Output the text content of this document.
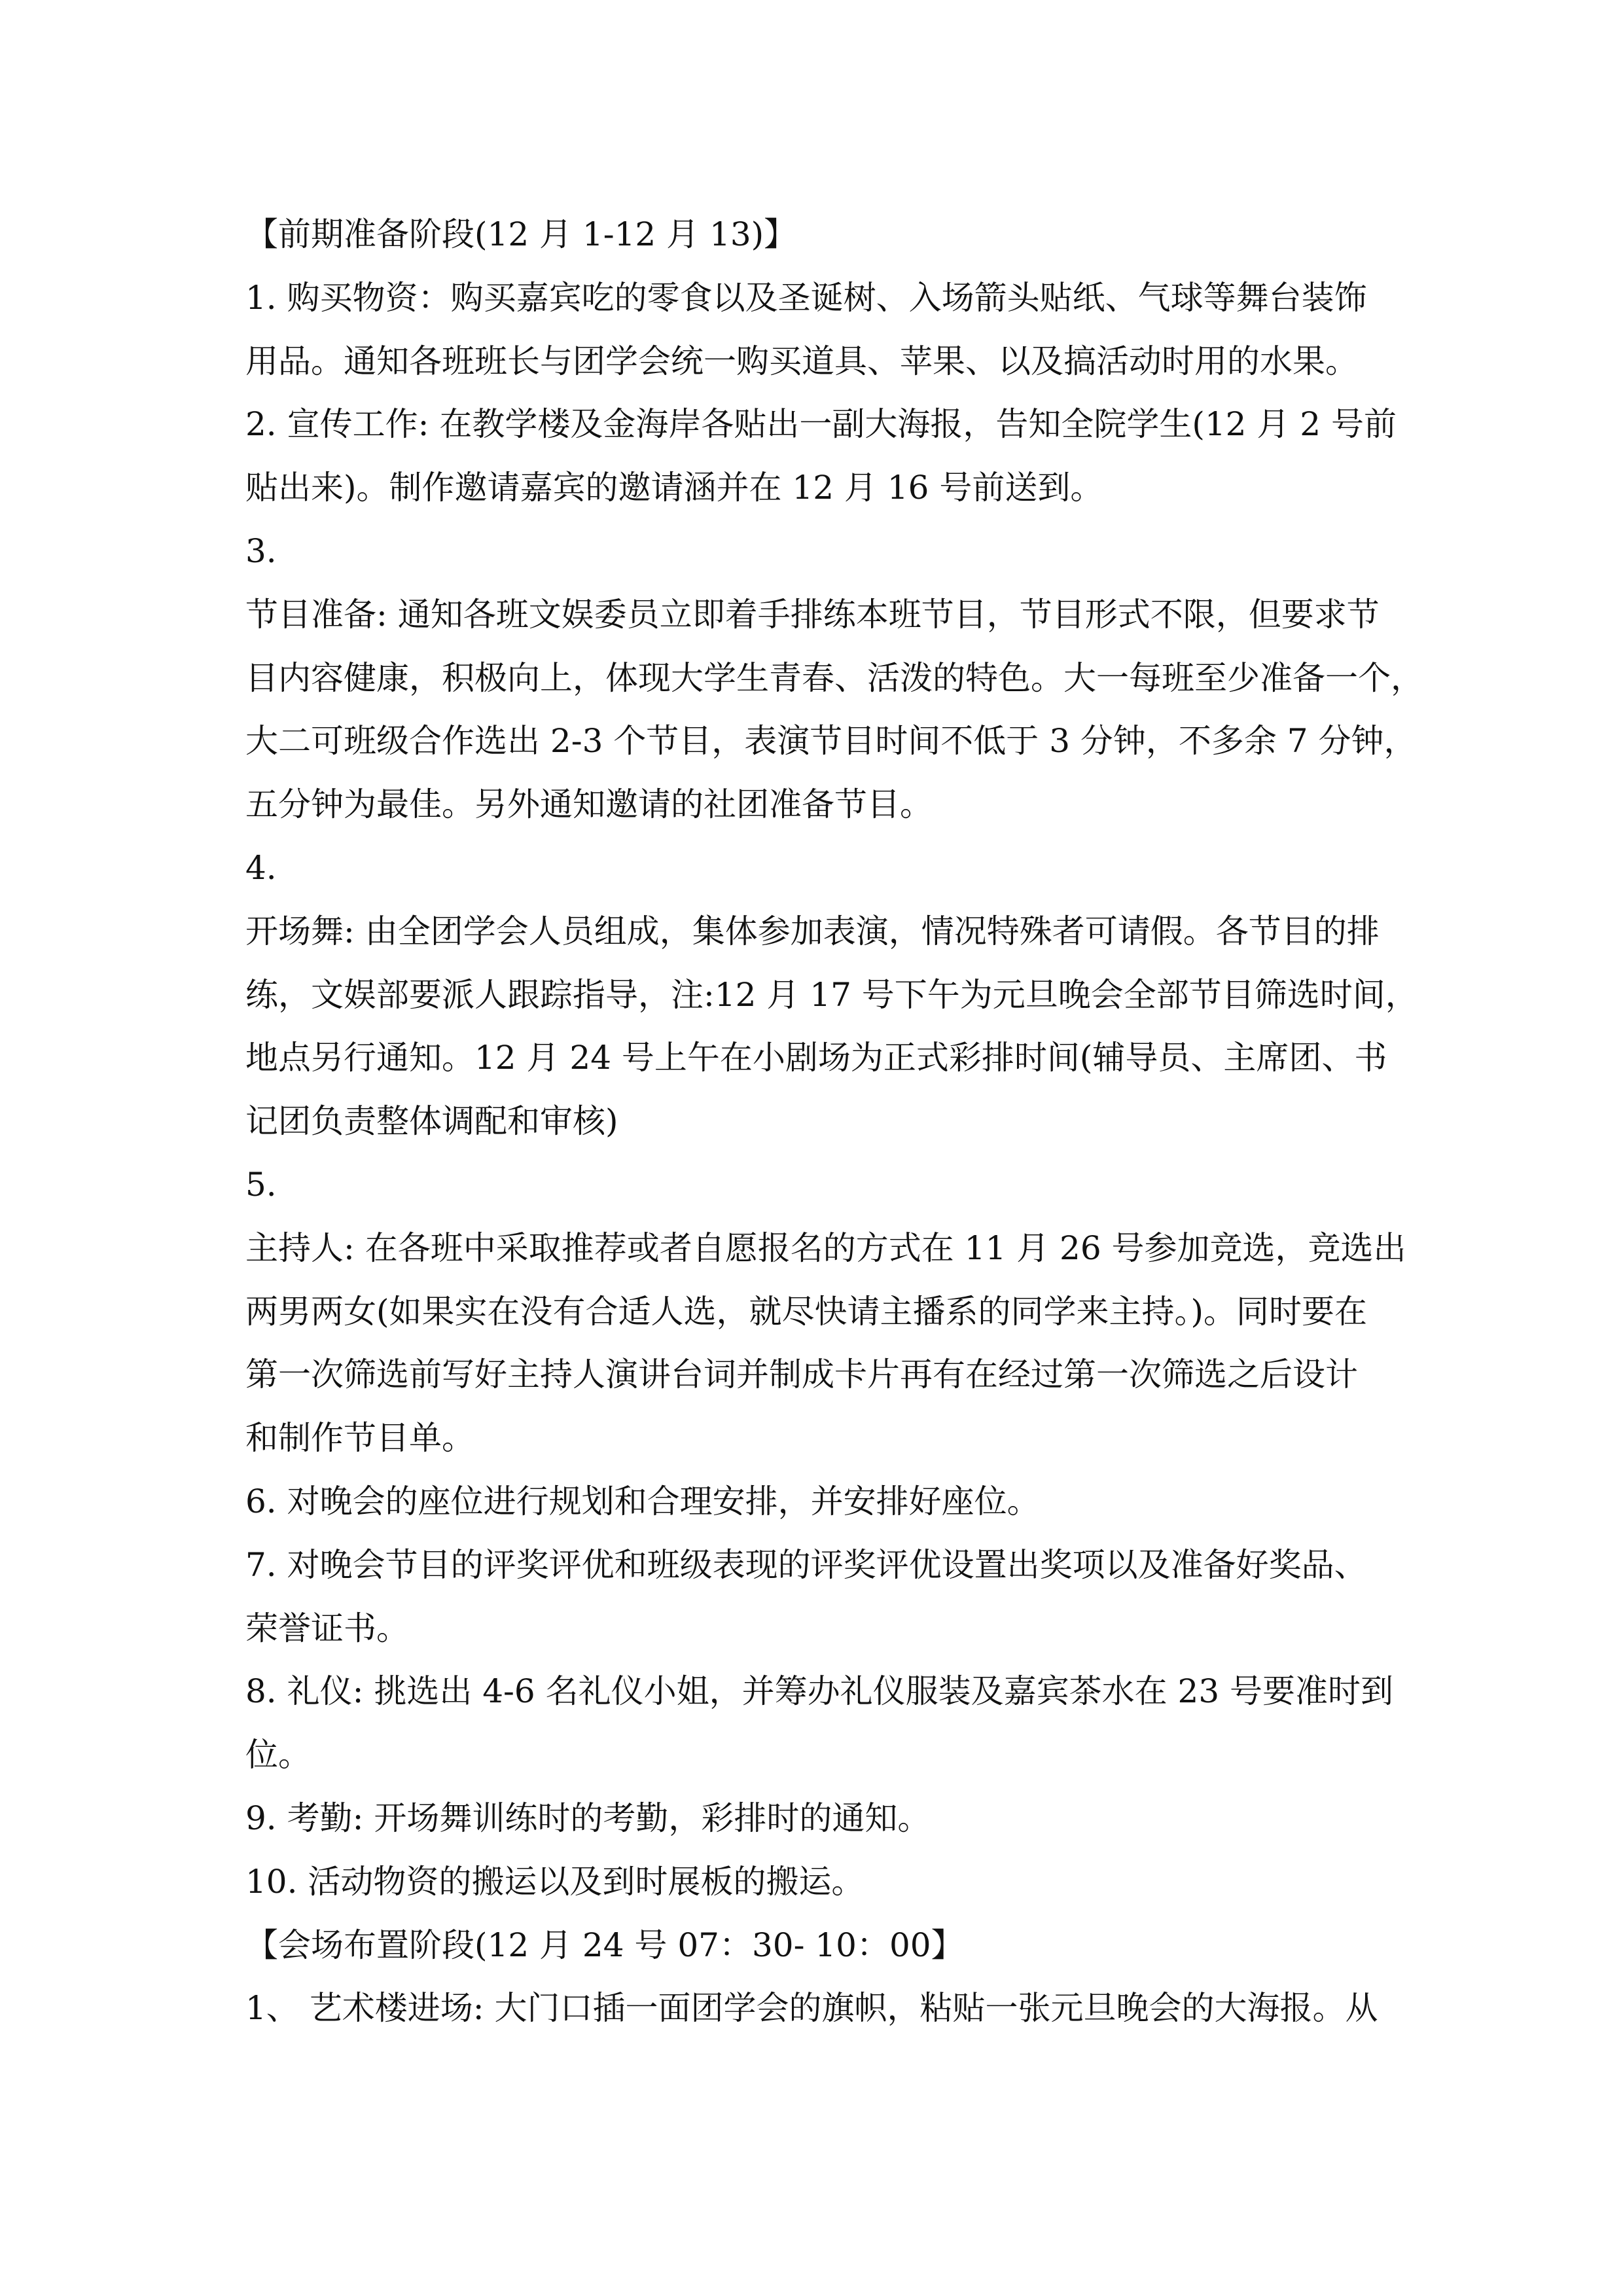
【前期准备阶段(12 月 1-12 月 13)】
1. 购买物资：购买嘉宾吃的零食以及圣诞树、入场箭头贴纸、气球等舞台装饰
用品。通知各班班长与团学会统一购买道具、苹果、以及搞活动时用的水果。
2. 宣传工作: 在教学楼及金海岸各贴出一副大海报，告知全院学生(12 月 2 号前
贴出来)。制作邀请嘉宾的邀请涵并在 12 月 16 号前送到。
3.
节目准备: 通知各班文娱委员立即着手排练本班节目，节目形式不限，但要求节
目内容健康，积极向上，体现大学生青春、活泼的特色。大一每班至少准备一个，
大二可班级合作选出 2-3 个节目，表演节目时间不低于 3 分钟，不多余 7 分钟，
五分钟为最佳。另外通知邀请的社团准备节目。
4.
开场舞: 由全团学会人员组成，集体参加表演，情况特殊者可请假。各节目的排
练，文娱部要派人跟踪指导，注:12 月 17 号下午为元旦晚会全部节目筛选时间，
地点另行通知。12 月 24 号上午在小剧场为正式彩排时间(辅导员、主席团、书
记团负责整体调配和审核)
5.
主持人: 在各班中采取推荐或者自愿报名的方式在 11 月 26 号参加竞选，竞选出
两男两女(如果实在没有合适人选，就尽快请主播系的同学来主持。)。同时要在
第一次筛选前写好主持人演讲台词并制成卡片再有在经过第一次筛选之后设计
和制作节目单。
6. 对晚会的座位进行规划和合理安排，并安排好座位。
7. 对晚会节目的评奖评优和班级表现的评奖评优设置出奖项以及准备好奖品、
荣誉证书。
8. 礼仪: 挑选出 4-6 名礼仪小姐，并筹办礼仪服装及嘉宾茶水在 23 号要准时到
位。
9. 考勤: 开场舞训练时的考勤，彩排时的通知。
10. 活动物资的搬运以及到时展板的搬运。
【会场布置阶段(12 月 24 号 07：30- 10：00】
1、 艺术楼进场: 大门口插一面团学会的旗帜，粘贴一张元旦晚会的大海报。从
